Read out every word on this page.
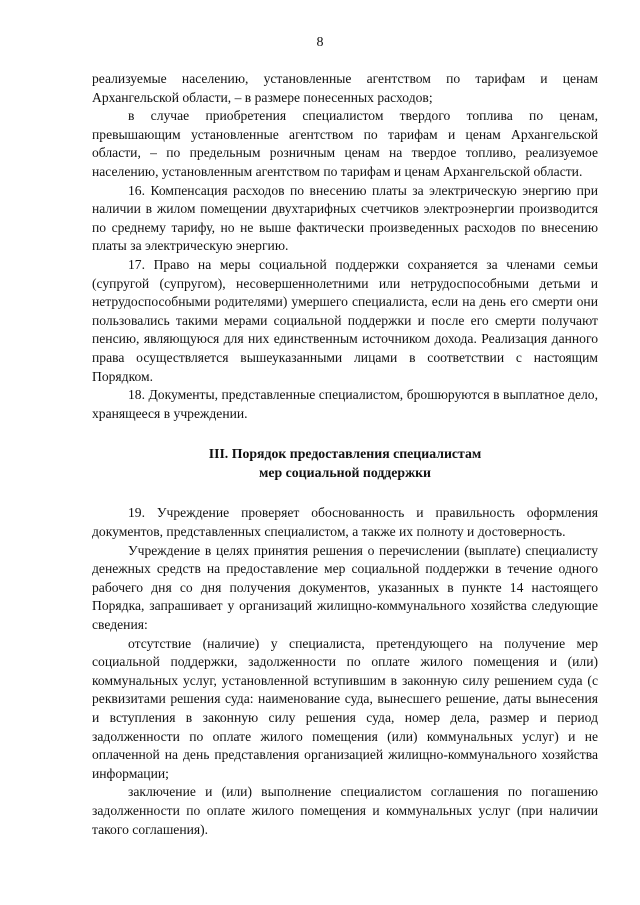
8

реализуемые населению, установленные агентством по тарифам и ценам Архангельской области, – в размере понесенных расходов;

в случае приобретения специалистом твердого топлива по ценам, превышающим установленные агентством по тарифам и ценам Архангельской области, – по предельным розничным ценам на твердое топливо, реализуемое населению, установленным агентством по тарифам и ценам Архангельской области.

16. Компенсация расходов по внесению платы за электрическую энергию при наличии в жилом помещении двухтарифных счетчиков электроэнергии производится по среднему тарифу, но не выше фактически произведенных расходов по внесению платы за электрическую энергию.

17. Право на меры социальной поддержки сохраняется за членами семьи (супругой (супругом), несовершеннолетними или нетрудоспособными детьми и нетрудоспособными родителями) умершего специалиста, если на день его смерти они пользовались такими мерами социальной поддержки и после его смерти получают пенсию, являющуюся для них единственным источником дохода. Реализация данного права осуществляется вышеуказанными лицами в соответствии с настоящим Порядком.

18. Документы, представленные специалистом, брошюруются в выплатное дело, хранящееся в учреждении.

III. Порядок предоставления специалистам

мер социальной поддержки

19. Учреждение проверяет обоснованность и правильность оформления документов, представленных специалистом, а также их полноту и достоверность.

Учреждение в целях принятия решения о перечислении (выплате) специалисту денежных средств на предоставление мер социальной поддержки в течение одного рабочего дня со дня получения документов, указанных в пункте 14 настоящего Порядка, запрашивает у организаций жилищно-коммунального хозяйства следующие сведения:

отсутствие (наличие) у специалиста, претендующего на получение мер социальной поддержки, задолженности по оплате жилого помещения и (или) коммунальных услуг, установленной вступившим в законную силу решением суда (с реквизитами решения суда: наименование суда, вынесшего решение, даты вынесения и вступления в законную силу решения суда, номер дела, размер и период задолженности по оплате жилого помещения (или) коммунальных услуг) и не оплаченной на день представления организацией жилищно-коммунального хозяйства информации;

заключение и (или) выполнение специалистом соглашения по погашению задолженности по оплате жилого помещения и коммунальных услуг (при наличии такого соглашения).
